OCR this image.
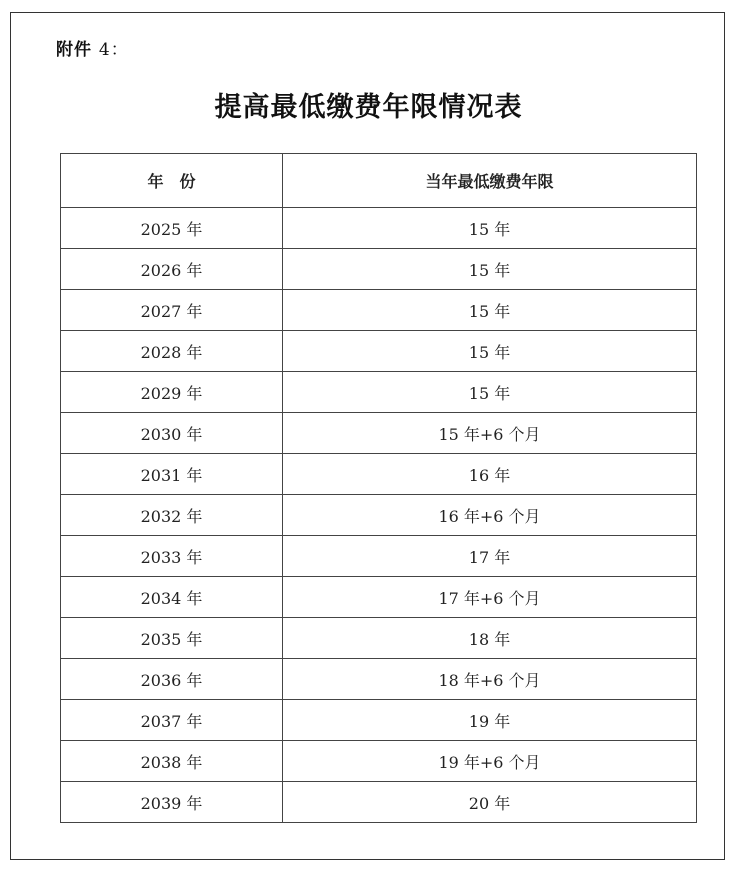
附件 4：
提高最低缴费年限情况表
年　份	当年最低缴费年限
2025 年	15 年
2026 年	15 年
2027 年	15 年
2028 年	15 年
2029 年	15 年
2030 年	15 年+6 个月
2031 年	16 年
2032 年	16 年+6 个月
2033 年	17 年
2034 年	17 年+6 个月
2035 年	18 年
2036 年	18 年+6 个月
2037 年	19 年
2038 年	19 年+6 个月
2039 年	20 年
